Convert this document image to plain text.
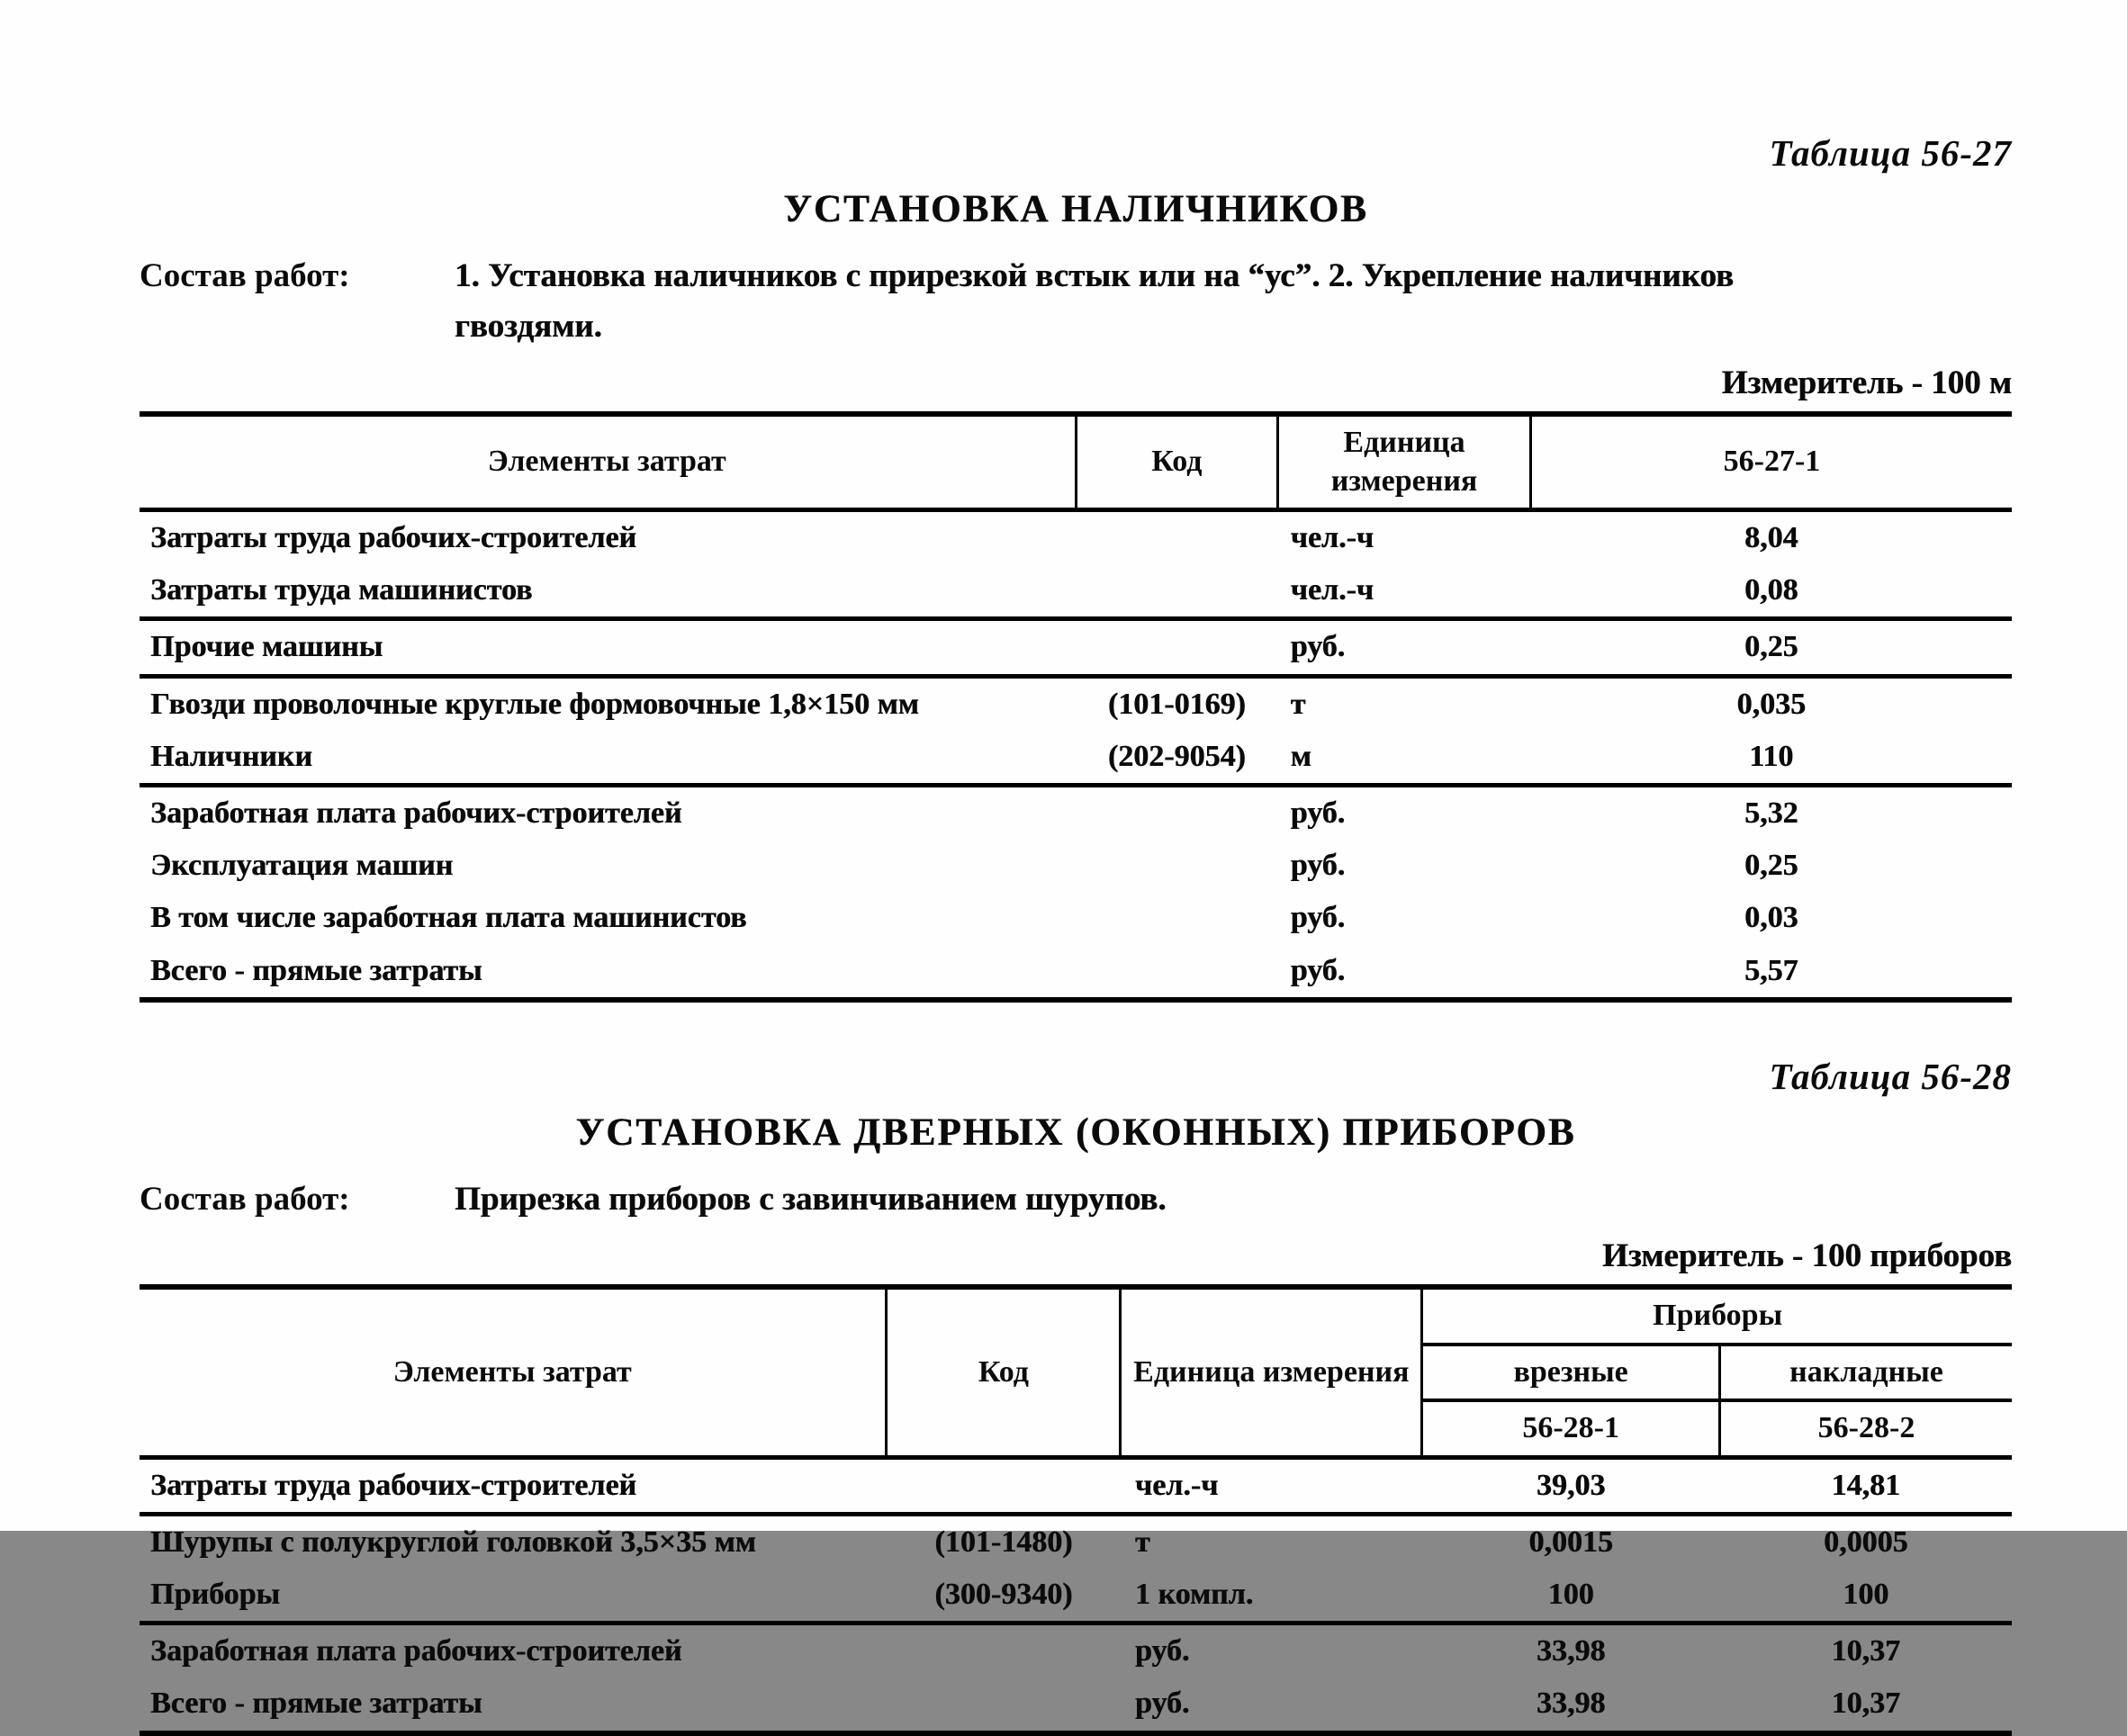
Таблица 56-27
УСТАНОВКА НАЛИЧНИКОВ
Состав работ:	1. Установка наличников с прирезкой встык или на “ус”. 2. Укрепление наличников
гвоздями.
Измеритель - 100 м
Элементы затрат	Код	Единица измерения	56-27-1
Затраты труда рабочих-строителей		чел.-ч	8,04
Затраты труда машинистов		чел.-ч	0,08
Прочие машины		руб.	0,25
Гвозди проволочные круглые формовочные 1,8×150 мм	(101-0169)	т	0,035
Наличники	(202-9054)	м	110
Заработная плата рабочих-строителей		руб.	5,32
Эксплуатация машин		руб.	0,25
В том числе заработная плата машинистов		руб.	0,03
Всего - прямые затраты		руб.	5,57
Таблица 56-28
УСТАНОВКА ДВЕРНЫХ (ОКОННЫХ) ПРИБОРОВ
Состав работ:	Прирезка приборов с завинчиванием шурупов.
Измеритель - 100 приборов
Элементы затрат	Код	Единица измерения	Приборы	
			врезные	накладные
			56-28-1	56-28-2
Затраты труда рабочих-строителей		чел.-ч	39,03	14,81
Шурупы с полукруглой головкой 3,5×35 мм	(101-1480)	т	0,0015	0,0005
Приборы	(300-9340)	1 компл.	100	100
Заработная плата рабочих-строителей		руб.	33,98	10,37
Всего - прямые затраты		руб.	33,98	10,37
